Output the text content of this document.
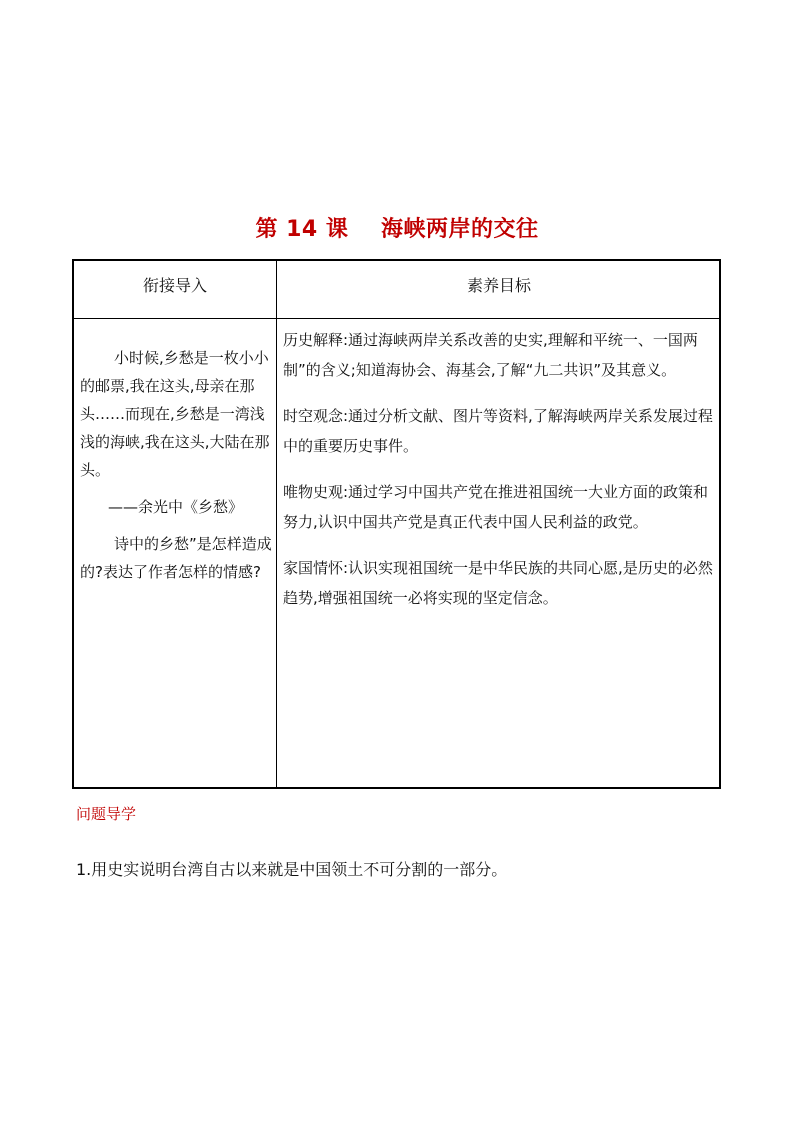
第 14 课    海峡两岸的交往
衔接导入	素养目标

小时候,乡愁是一枚小小的邮票,我在这头,母亲在那头……而现在,乡愁是一湾浅浅的海峡,我在这头,大陆在那头。

——余光中《乡愁》

诗中的乡愁”是怎样造成的?表达了作者怎样的情感?

历史解释:通过海峡两岸关系改善的史实,理解和平统一、一国两制”的含义;知道海协会、海基会,了解“九二共识”及其意义。

时空观念:通过分析文献、图片等资料,了解海峡两岸关系发展过程中的重要历史事件。

唯物史观:通过学习中国共产党在推进祖国统一大业方面的政策和努力,认识中国共产党是真正代表中国人民利益的政党。

家国情怀:认识实现祖国统一是中华民族的共同心愿,是历史的必然趋势,增强祖国统一必将实现的坚定信念。

问题导学
1.用史实说明台湾自古以来就是中国领土不可分割的一部分。
